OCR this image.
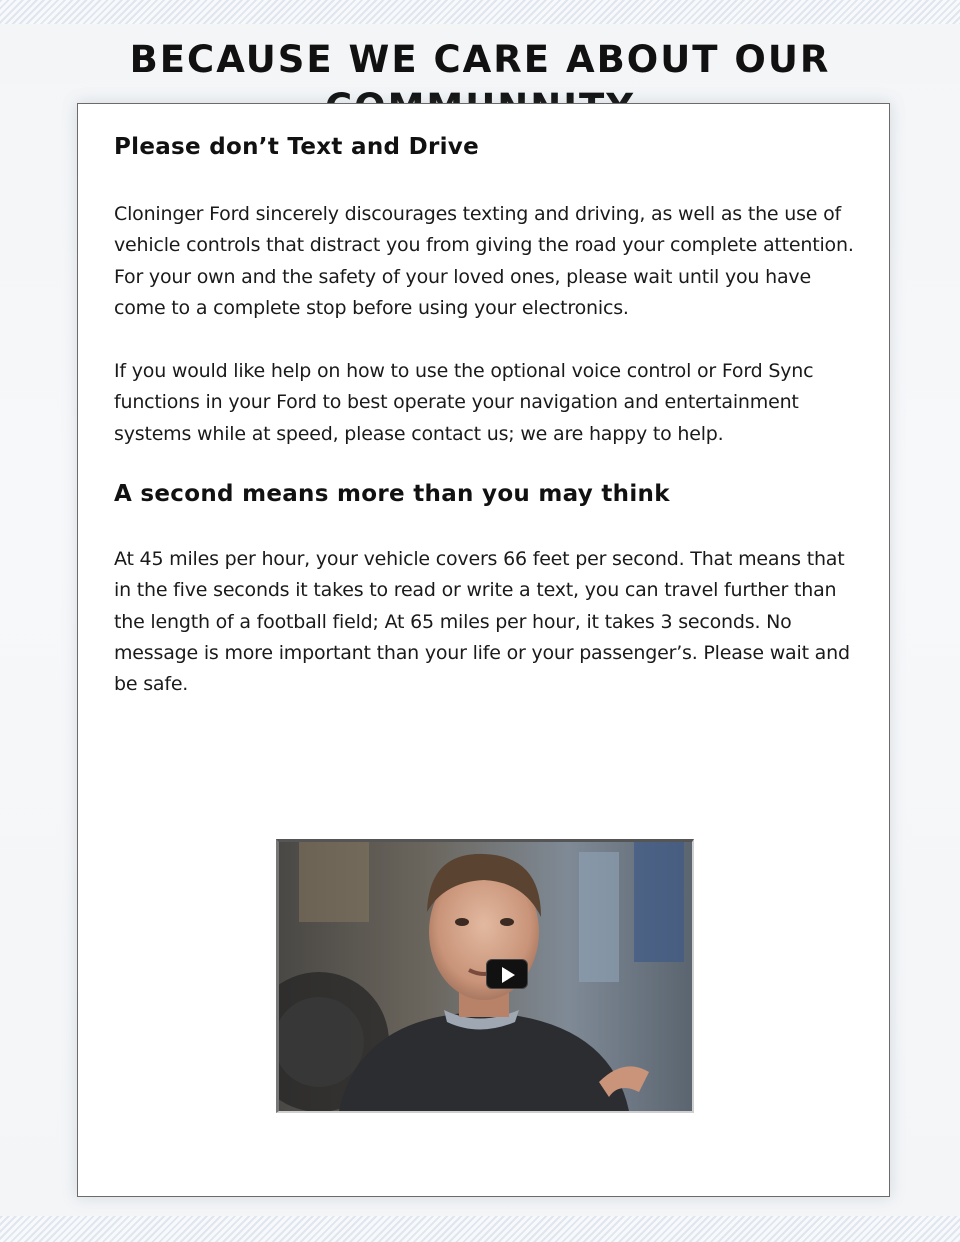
BECAUSE WE CARE ABOUT OUR
Please don’t Text and Drive

Cloninger Ford sincerely discourages texting and driving, as well as the use of vehicle controls that distract you from giving the road your complete attention. For your own and the safety of your loved ones, please wait until you have come to a complete stop before using your electronics.

If you would like help on how to use the optional voice control or Ford Sync functions in your Ford to best operate your navigation and entertainment systems while at speed, please contact us; we are happy to help.

A second means more than you may think

At 45 miles per hour, your vehicle covers 66 feet per second. That means that in the five seconds it takes to read or write a text, you can travel further than the length of a football field; At 65 miles per hour, it takes 3 seconds. No message is more important than your life or your passenger’s. Please wait and be safe.
